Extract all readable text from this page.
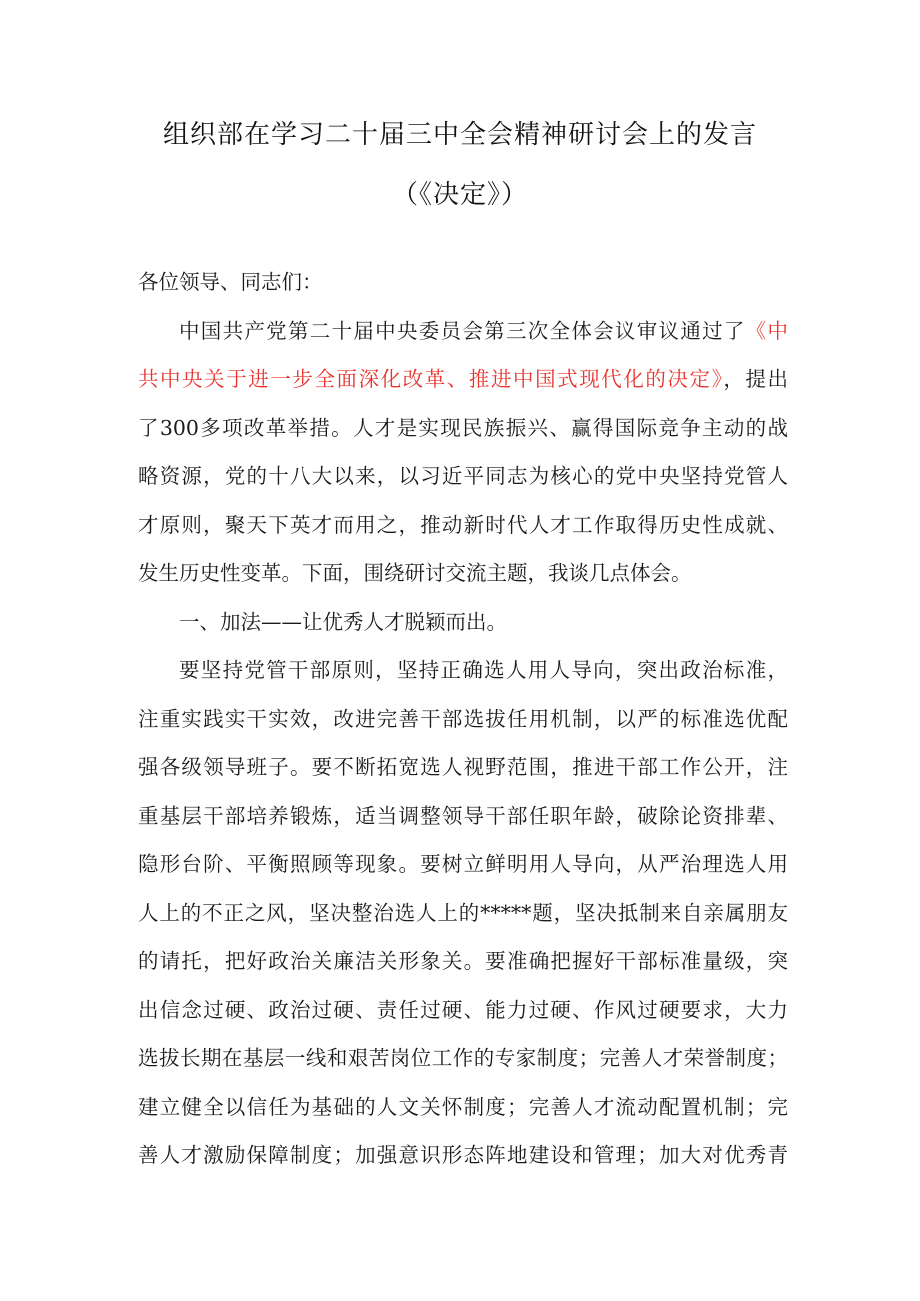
组织部在学习二十届三中全会精神研讨会上的发言
（《决定》）
各位领导、同志们：
中国共产党第二十届中央委员会第三次全体会议审议通过了《中
共中央关于进一步全面深化改革、推进中国式现代化的决定》，提出
了300多项改革举措。人才是实现民族振兴、赢得国际竞争主动的战
略资源，党的十八大以来，以习近平同志为核心的党中央坚持党管人
才原则，聚天下英才而用之，推动新时代人才工作取得历史性成就、
发生历史性变革。下面，围绕研讨交流主题，我谈几点体会。
一、加法——让优秀人才脱颖而出。
要坚持党管干部原则，坚持正确选人用人导向，突出政治标准，
注重实践实干实效，改进完善干部选拔任用机制，以严的标准选优配
强各级领导班子。要不断拓宽选人视野范围，推进干部工作公开，注
重基层干部培养锻炼，适当调整领导干部任职年龄，破除论资排辈、
隐形台阶、平衡照顾等现象。要树立鲜明用人导向，从严治理选人用
人上的不正之风，坚决整治选人上的*****题，坚决抵制来自亲属朋友
的请托，把好政治关廉洁关形象关。要准确把握好干部标准量级，突
出信念过硬、政治过硬、责任过硬、能力过硬、作风过硬要求，大力
选拔长期在基层一线和艰苦岗位工作的专家制度；完善人才荣誉制度；
建立健全以信任为基础的人文关怀制度；完善人才流动配置机制；完
善人才激励保障制度；加强意识形态阵地建设和管理；加大对优秀青
